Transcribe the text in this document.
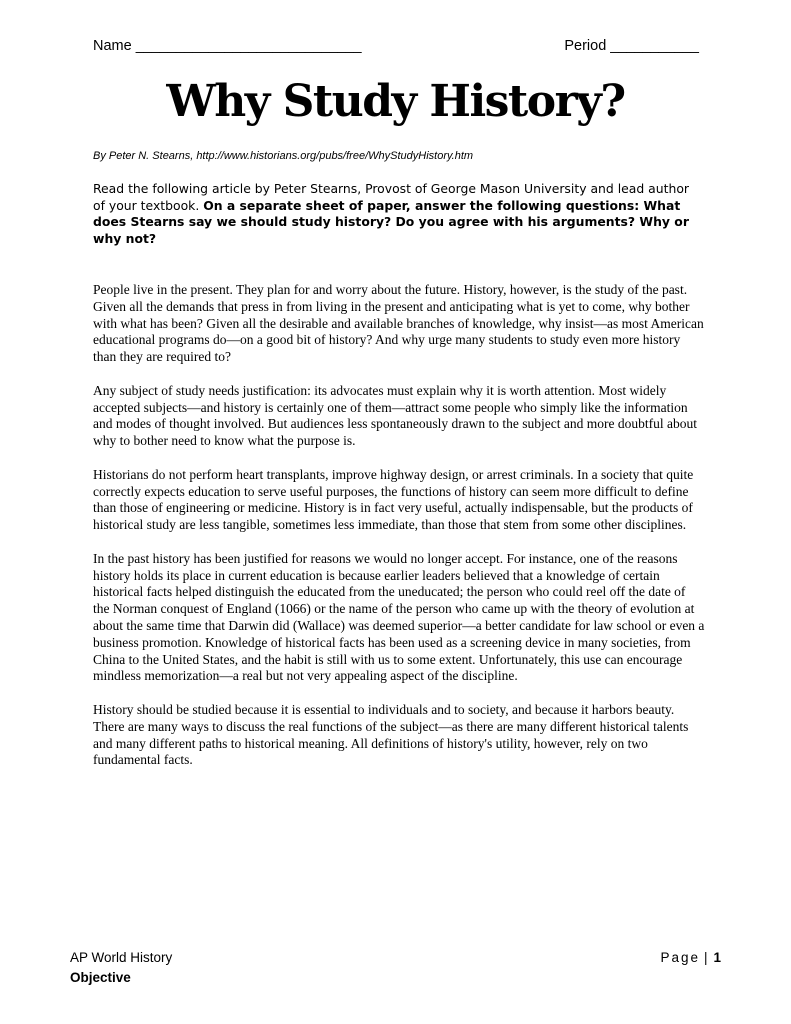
Name ____________________________	Period ___________
Why Study History?

By Peter N. Stearns, http://www.historians.org/pubs/free/WhyStudyHistory.htm

Read the following article by Peter Stearns, Provost of George Mason University and lead author of your textbook. On a separate sheet of paper, answer the following questions: What does Stearns say we should study history? Do you agree with his arguments? Why or why not?

People live in the present. They plan for and worry about the future. History, however, is the study of the past. Given all the demands that press in from living in the present and anticipating what is yet to come, why bother with what has been? Given all the desirable and available branches of knowledge, why insist—as most American educational programs do—on a good bit of history? And why urge many students to study even more history than they are required to?

Any subject of study needs justification: its advocates must explain why it is worth attention. Most widely accepted subjects—and history is certainly one of them—attract some people who simply like the information and modes of thought involved. But audiences less spontaneously drawn to the subject and more doubtful about why to bother need to know what the purpose is.

Historians do not perform heart transplants, improve highway design, or arrest criminals. In a society that quite correctly expects education to serve useful purposes, the functions of history can seem more difficult to define than those of engineering or medicine. History is in fact very useful, actually indispensable, but the products of historical study are less tangible, sometimes less immediate, than those that stem from some other disciplines.

In the past history has been justified for reasons we would no longer accept. For instance, one of the reasons history holds its place in current education is because earlier leaders believed that a knowledge of certain historical facts helped distinguish the educated from the uneducated; the person who could reel off the date of the Norman conquest of England (1066) or the name of the person who came up with the theory of evolution at about the same time that Darwin did (Wallace) was deemed superior—a better candidate for law school or even a business promotion. Knowledge of historical facts has been used as a screening device in many societies, from China to the United States, and the habit is still with us to some extent. Unfortunately, this use can encourage mindless memorization—a real but not very appealing aspect of the discipline.

History should be studied because it is essential to individuals and to society, and because it harbors beauty. There are many ways to discuss the real functions of the subject—as there are many different historical talents and many different paths to historical meaning. All definitions of history's utility, however, rely on two fundamental facts.

AP World History
Objective
Page | 1
